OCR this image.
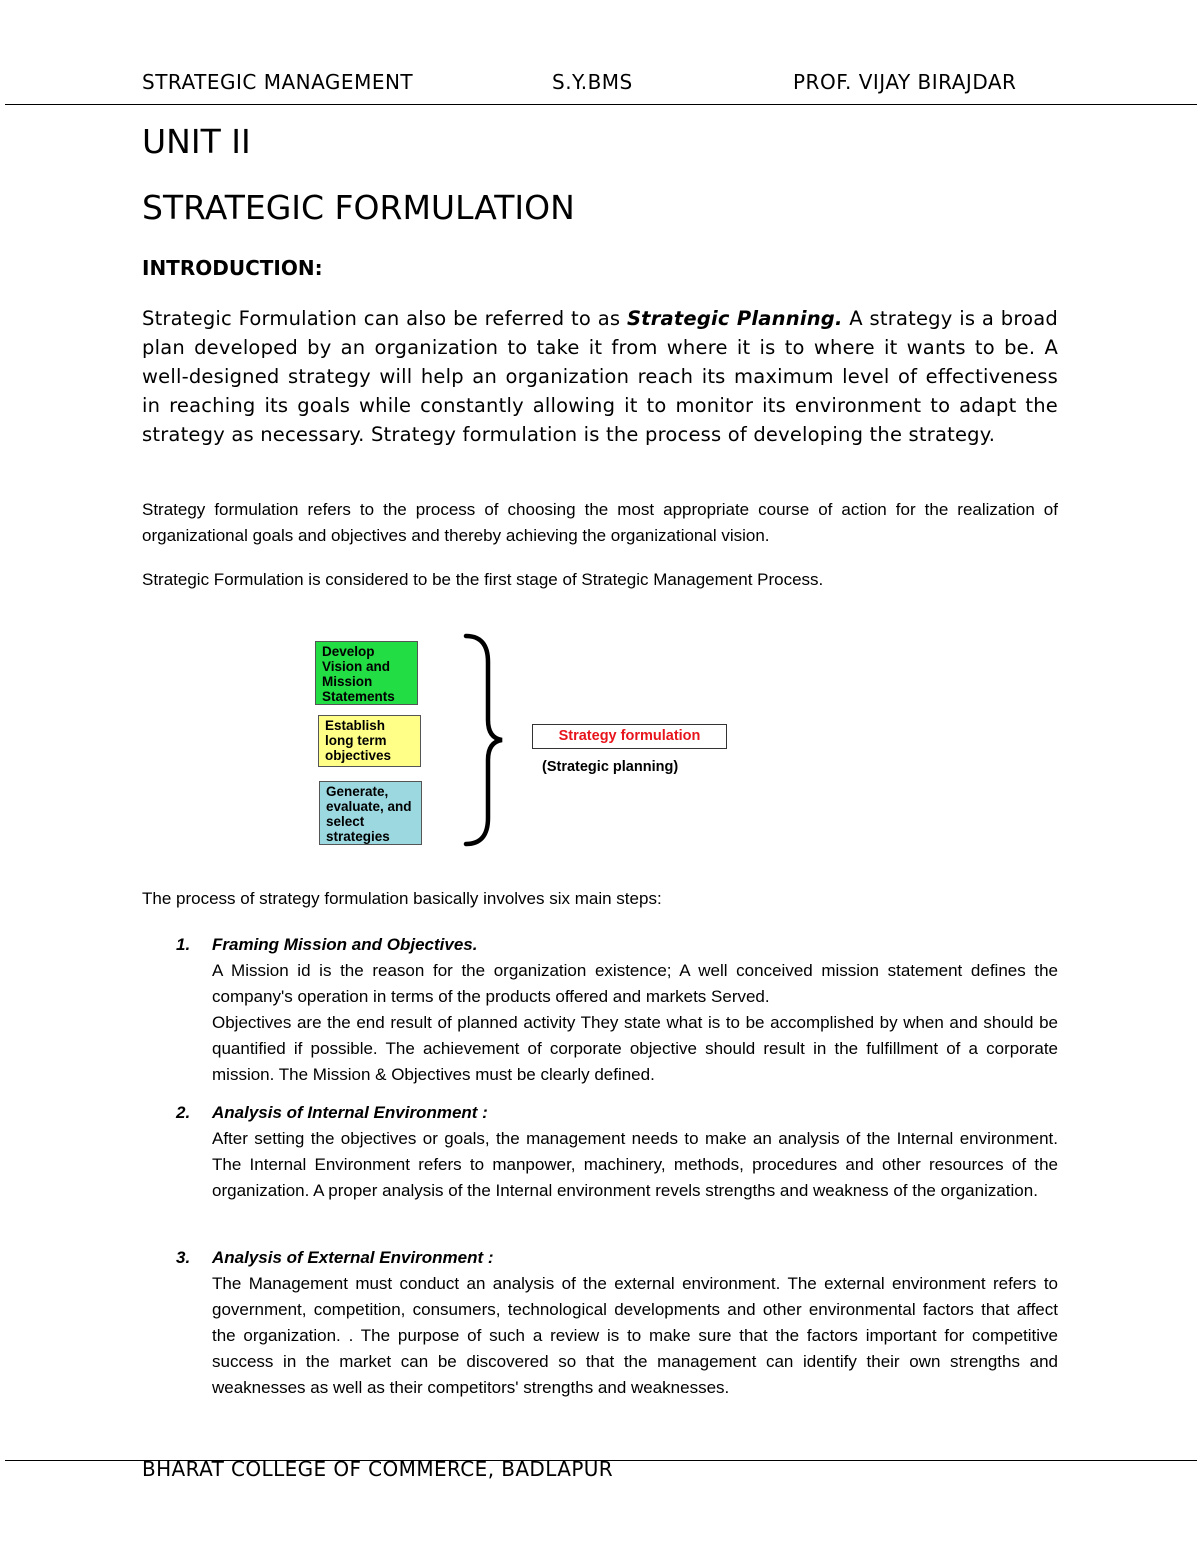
STRATEGIC MANAGEMENT	S.Y.BMS	PROF. VIJAY BIRAJDAR
UNIT II
STRATEGIC FORMULATION
INTRODUCTION:
Strategic Formulation can also be referred to as Strategic Planning. A strategy is a broad plan developed by an organization to take it from where it is to where it wants to be. A well-designed strategy will help an organization reach its maximum level of effectiveness in reaching its goals while constantly allowing it to monitor its environment to adapt the strategy as necessary. Strategy formulation is the process of developing the strategy.
Strategy formulation refers to the process of choosing the most appropriate course of action for the realization of organizational goals and objectives and thereby achieving the organizational vision.
Strategic Formulation is considered to be the first stage of Strategic Management Process.
Develop Vision and Mission Statements
Establish long term objectives
Generate, evaluate, and select strategies
Strategy formulation
(Strategic planning)
The process of strategy formulation basically involves six main steps:
1. Framing Mission and Objectives.
A Mission id is the reason for the organization existence; A well conceived mission statement defines the company's operation in terms of the products offered and markets Served.
Objectives are the end result of planned activity They state what is to be accomplished by when and should be quantified if possible. The achievement of corporate objective should result in the fulfillment of a corporate mission. The Mission & Objectives must be clearly defined.
2. Analysis of Internal Environment :
After setting the objectives or goals, the management needs to make an analysis of the Internal environment. The Internal Environment refers to manpower, machinery, methods, procedures and other resources of the organization. A proper analysis of the Internal environment revels strengths and weakness of the organization.
3. Analysis of External Environment :
The Management must conduct an analysis of the external environment. The external environment refers to government, competition, consumers, technological developments and other environmental factors that affect the organization. . The purpose of such a review is to make sure that the factors important for competitive success in the market can be discovered so that the management can identify their own strengths and weaknesses as well as their competitors' strengths and weaknesses.
BHARAT COLLEGE OF COMMERCE, BADLAPUR
